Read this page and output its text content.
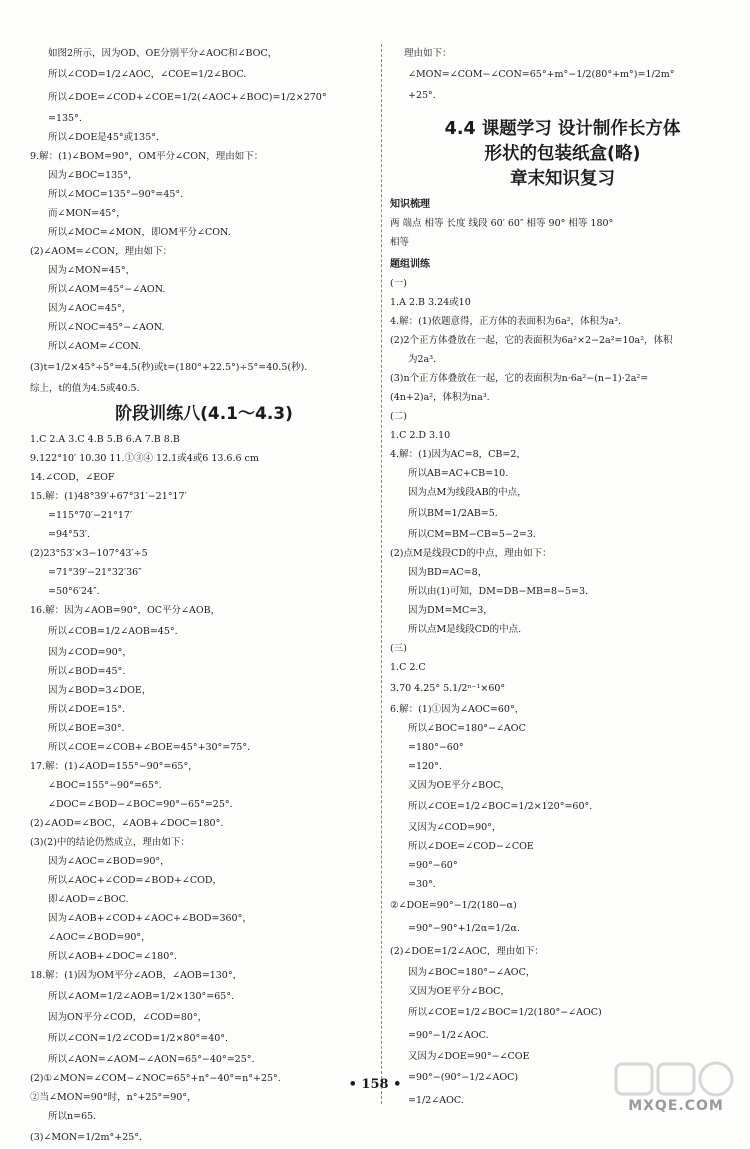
如图2所示，因为OD、OE分别平分∠AOC和∠BOC，
所以∠COD=1/2∠AOC，∠COE=1/2∠BOC.
所以∠DOE=∠COD+∠COE=1/2(∠AOC+∠BOC)=1/2×270°
=135°.
所以∠DOE是45°或135°.
9.解：(1)∠BOM=90°，OM平分∠CON，理由如下：
因为∠BOC=135°，
所以∠MOC=135°−90°=45°.
而∠MON=45°，
所以∠MOC=∠MON，即OM平分∠CON.
(2)∠AOM=∠CON，理由如下：
因为∠MON=45°，
所以∠AOM=45°−∠AON.
因为∠AOC=45°，
所以∠NOC=45°−∠AON.
所以∠AOM=∠CON.
(3)t=1/2×45°÷5°=4.5(秒)或t=(180°+22.5°)÷5°=40.5(秒).
综上，t的值为4.5或40.5.
阶段训练八(4.1～4.3)
1.C 2.A 3.C 4.B 5.B 6.A 7.B 8.B
9.122°10′ 10.30 11.①③④ 12.1或4或6 13.6.6 cm
14.∠COD，∠EOF
15.解：(1)48°39′+67°31′−21°17′
=115°70′−21°17′
=94°53′.
(2)23°53′×3−107°43′÷5
=71°39′−21°32′36″
=50°6′24″.
16.解：因为∠AOB=90°，OC平分∠AOB，
所以∠COB=1/2∠AOB=45°.
因为∠COD=90°，
所以∠BOD=45°.
因为∠BOD=3∠DOE，
所以∠DOE=15°.
所以∠BOE=30°.
所以∠COE=∠COB+∠BOE=45°+30°=75°.
17.解：(1)∠AOD=155°−90°=65°，
∠BOC=155°−90°=65°.
∠DOC=∠BOD−∠BOC=90°−65°=25°.
(2)∠AOD=∠BOC，∠AOB+∠DOC=180°.
(3)(2)中的结论仍然成立，理由如下：
因为∠AOC=∠BOD=90°，
所以∠AOC+∠COD=∠BOD+∠COD，
即∠AOD=∠BOC.
因为∠AOB+∠COD+∠AOC+∠BOD=360°，
∠AOC=∠BOD=90°，
所以∠AOB+∠DOC=∠180°.
18.解：(1)因为OM平分∠AOB，∠AOB=130°，
所以∠AOM=1/2∠AOB=1/2×130°=65°.
因为ON平分∠COD，∠COD=80°，
所以∠CON=1/2∠COD=1/2×80°=40°.
所以∠AON=∠AOM−∠AON=65°−40°=25°.
(2)①∠MON=∠COM−∠NOC=65°+n°−40°=n°+25°.
②当∠MON=90°时，n°+25°=90°，
所以n=65.
(3)∠MON=1/2m°+25°.
理由如下：
∠MON=∠COM−∠CON=65°+m°−1/2(80°+m°)=1/2m°
+25°.
4.4 课题学习 设计制作长方体
形状的包装纸盒(略)
章末知识复习
知识梳理
两 端点 相等 长度 线段 60′ 60″ 相等 90° 相等 180°
相等
题组训练
(一)
1.A 2.B 3.24或10
4.解：(1)依题意得，正方体的表面积为6a²，体积为a³.
(2)2个正方体叠放在一起，它的表面积为6a²×2−2a²=10a²，体积
为2a³.
(3)n个正方体叠放在一起，它的表面积为n·6a²−(n−1)·2a²=
(4n+2)a²，体积为na³.
(二)
1.C 2.D 3.10
4.解：(1)因为AC=8，CB=2，
所以AB=AC+CB=10.
因为点M为线段AB的中点，
所以BM=1/2AB=5.
所以CM=BM−CB=5−2=3.
(2)点M是线段CD的中点，理由如下：
因为BD=AC=8，
所以由(1)可知，DM=DB−MB=8−5=3.
因为DM=MC=3，
所以点M是线段CD的中点.
(三)
1.C 2.C
3.70 4.25° 5.1/2ⁿ⁻¹×60°
6.解：(1)①因为∠AOC=60°，
所以∠BOC=180°−∠AOC
=180°−60°
=120°.
又因为OE平分∠BOC，
所以∠COE=1/2∠BOC=1/2×120°=60°.
又因为∠COD=90°，
所以∠DOE=∠COD−∠COE
=90°−60°
=30°.
②∠DOE=90°−1/2(180−α)
=90°−90°+1/2α=1/2α.
(2)∠DOE=1/2∠AOC，理由如下：
因为∠BOC=180°−∠AOC，
又因为OE平分∠BOC，
所以∠COE=1/2∠BOC=1/2(180°−∠AOC)
=90°−1/2∠AOC.
又因为∠DOE=90°−∠COE
=90°−(90°−1/2∠AOC)
=1/2∠AOC.
• 158 •
MXQE.COM
